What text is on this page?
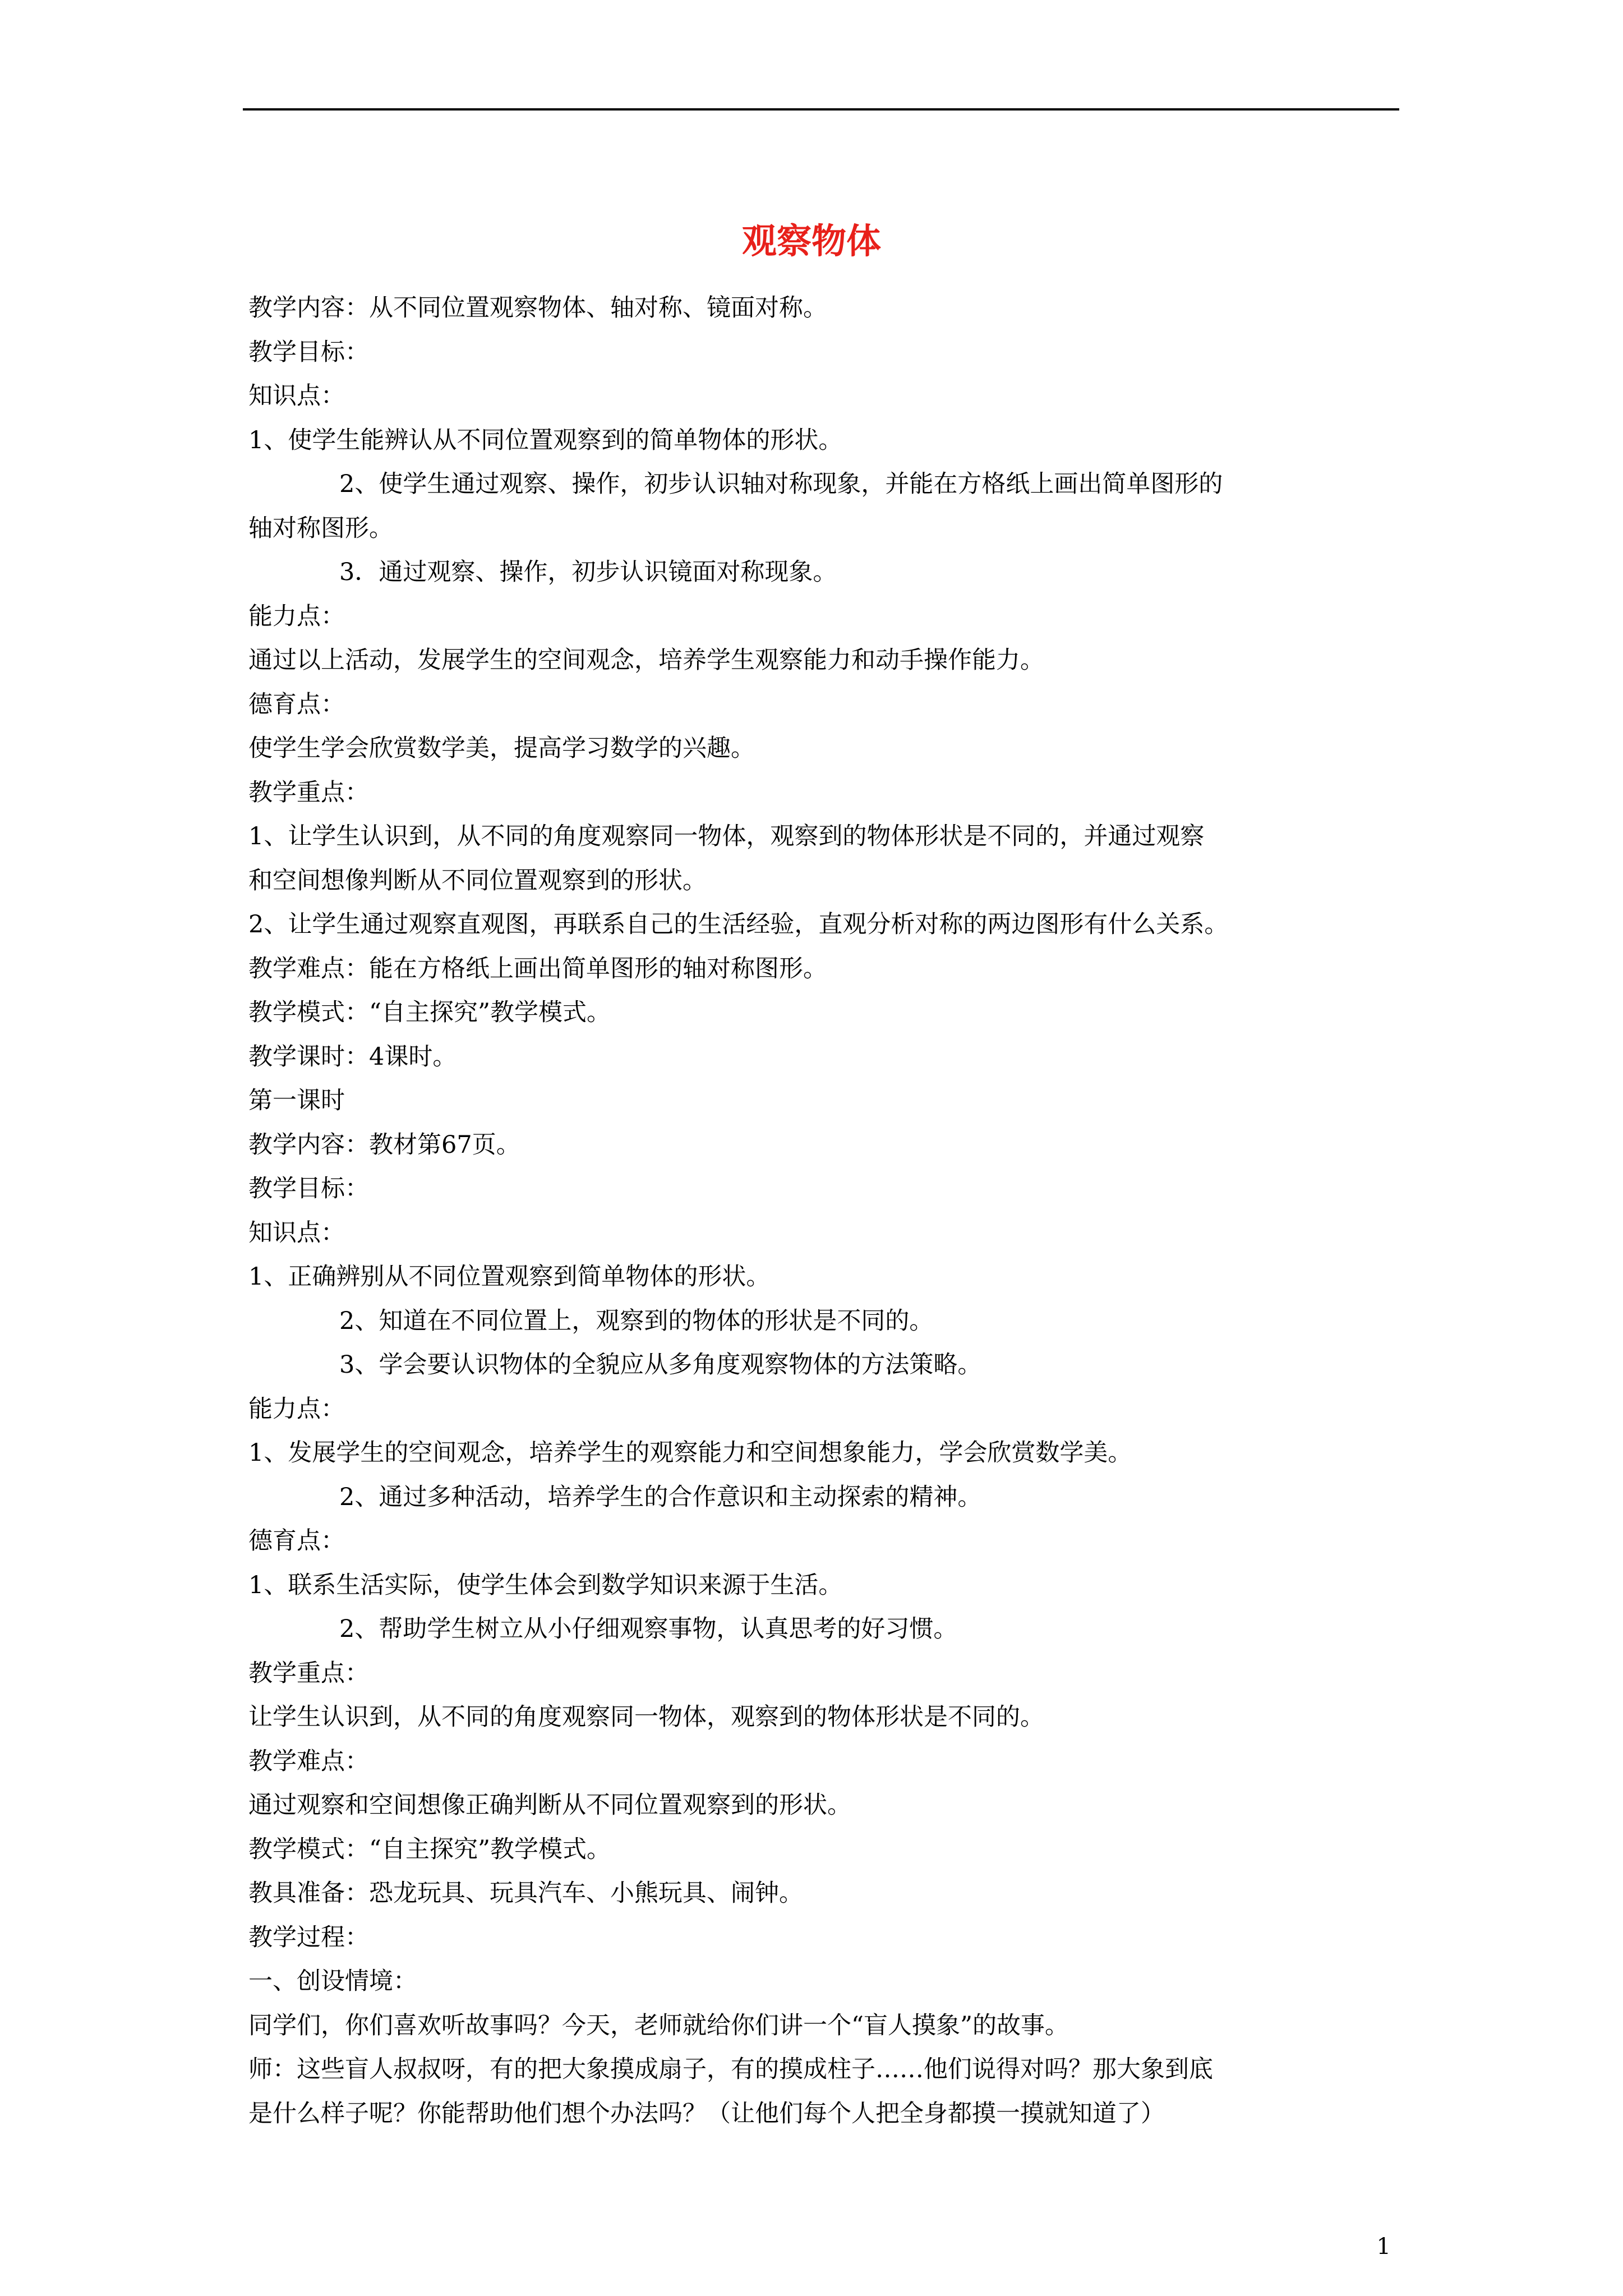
观察物体
教学内容：从不同位置观察物体、轴对称、镜面对称。
教学目标：
知识点：
1、使学生能辨认从不同位置观察到的简单物体的形状。
2、使学生通过观察、操作，初步认识轴对称现象，并能在方格纸上画出简单图形的
轴对称图形。
3．通过观察、操作，初步认识镜面对称现象。
能力点：
通过以上活动，发展学生的空间观念，培养学生观察能力和动手操作能力。
德育点：
使学生学会欣赏数学美，提高学习数学的兴趣。
教学重点：
1、让学生认识到，从不同的角度观察同一物体，观察到的物体形状是不同的，并通过观察
和空间想像判断从不同位置观察到的形状。
2、让学生通过观察直观图，再联系自己的生活经验，直观分析对称的两边图形有什么关系。
教学难点：能在方格纸上画出简单图形的轴对称图形。
教学模式：“自主探究”教学模式。
教学课时：4课时。
第一课时
教学内容：教材第67页。
教学目标：
知识点：
1、正确辨别从不同位置观察到简单物体的形状。
2、知道在不同位置上，观察到的物体的形状是不同的。
3、学会要认识物体的全貌应从多角度观察物体的方法策略。
能力点：
1、发展学生的空间观念，培养学生的观察能力和空间想象能力，学会欣赏数学美。
2、通过多种活动，培养学生的合作意识和主动探索的精神。
德育点：
1、联系生活实际，使学生体会到数学知识来源于生活。
2、帮助学生树立从小仔细观察事物，认真思考的好习惯。
教学重点：
让学生认识到，从不同的角度观察同一物体，观察到的物体形状是不同的。
教学难点：
通过观察和空间想像正确判断从不同位置观察到的形状。
教学模式：“自主探究”教学模式。
教具准备：恐龙玩具、玩具汽车、小熊玩具、闹钟。
教学过程：
一、创设情境：
同学们，你们喜欢听故事吗？今天，老师就给你们讲一个“盲人摸象”的故事。
师：这些盲人叔叔呀，有的把大象摸成扇子，有的摸成柱子……他们说得对吗？那大象到底
是什么样子呢？你能帮助他们想个办法吗？（让他们每个人把全身都摸一摸就知道了）
1
